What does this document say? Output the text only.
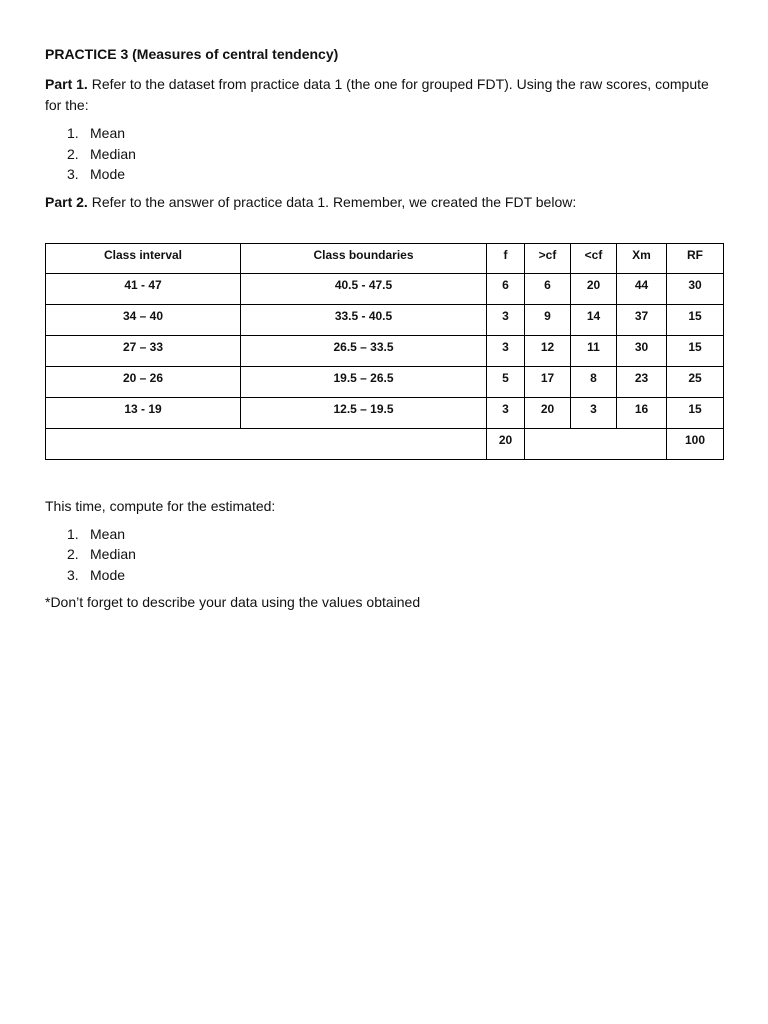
PRACTICE 3 (Measures of central tendency)

Part 1. Refer to the dataset from practice data 1 (the one for grouped FDT). Using the raw scores, compute for the:

1. Mean
2. Median
3. Mode

Part 2. Refer to the answer of practice data 1. Remember, we created the FDT below:

Class interval	Class boundaries	f	>cf	<cf	Xm	RF
41 - 47	40.5 - 47.5	6	6	20	44	30
34 – 40	33.5 - 40.5	3	9	14	37	15
27 – 33	26.5 – 33.5	3	12	11	30	15
20 – 26	19.5 – 26.5	5	17	8	23	25
13 - 19	12.5 – 19.5	3	20	3	16	15
		20				100

This time, compute for the estimated:

1. Mean
2. Median
3. Mode

*Don’t forget to describe your data using the values obtained
